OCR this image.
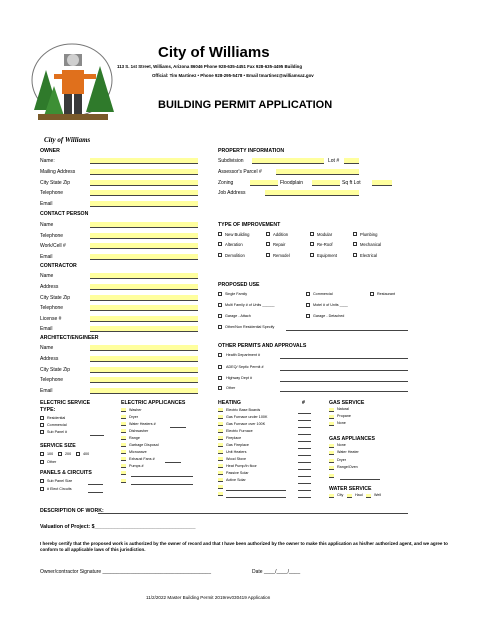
City of Williams
City of Williams
113 S. 1st Street, Williams, Arizona 86046 Phone 928-635-4451 Fax 928-635-4495 Building
Official: Tim Martinez • Phone 928-295-5478 • Email tmartinez@williamsaz.gov
BUILDING PERMIT APPLICATION
OWNER
Name:
Mailing Address
City State Zip
Telephone
Email
CONTACT PERSON
Name
Telephone
Work/Cell #
Email
CONTRACTOR
Name
Address
City State Zip
Telephone
License #
Email
ARCHITECT/ENGINEER
Name
Address
City State Zip
Telephone
Email
PROPERTY INFORMATION
Subdivision	Lot #
Assessor's Parcel #
Zoning	Floodplain	Sq ft Lot
Job Address
TYPE OF IMPROVEMENT
New Building	Addition	Modular	Plumbing
Alteration	Repair	Re-Roof	Mechanical
Demolition	Remodel	Equipment	Electrical
PROPOSED USE
Single Family	Commercial	Restaurant
Multi Family # of Units ______	Motel # of Units ____
Garage - Attach	Garage - Detached
Other/Non Residential Specify
OTHER PERMITS AND APPROVALS
Health Department #
ADEQ/ Septic Permit #
Highway Dept #
Other
ELECTRIC SERVICE
TYPE:
Residential
Commercial
Sub Panel #
SERVICE SIZE
100	200	400
Other
PANELS & CIRCUITS
Sub Panel Size
# Elect Circuits
ELECTRIC APPLICANCES
Washer
Dryer
Water Heaters #
Dishwasher
Range
Garbage Disposal
Microwave
Exhaust Fans #
Pumps #
HEATING	#
Electric Base Boards
Gas Furnace under 100K
Gas Furnace over 100K
Electric Furnace
Fireplace
Gas Fireplace
Unit Heaters
Wood Stove
Heat Pump/In floor
Passive Solar
Active Solar
GAS SERVICE
Natural
Propane
None
GAS APPLIANCES
None
Water Heater
Dryer
Range/Oven
WATER SERVICE
City	Haul	Well
DESCRIPTION OF WORK:
Valuation of Project: $___________________________________
I hereby certify that the proposed work is authorized by the owner of record and that I have been authorized by the owner to make this application as his/her authorized agent, and we agree to conform to all applicable laws of this jurisdiction.
Owner/contractor Signature _______________________________________	Date ____/____/____
11/2/2022 Master Building Permit 2019rev030419 Application
